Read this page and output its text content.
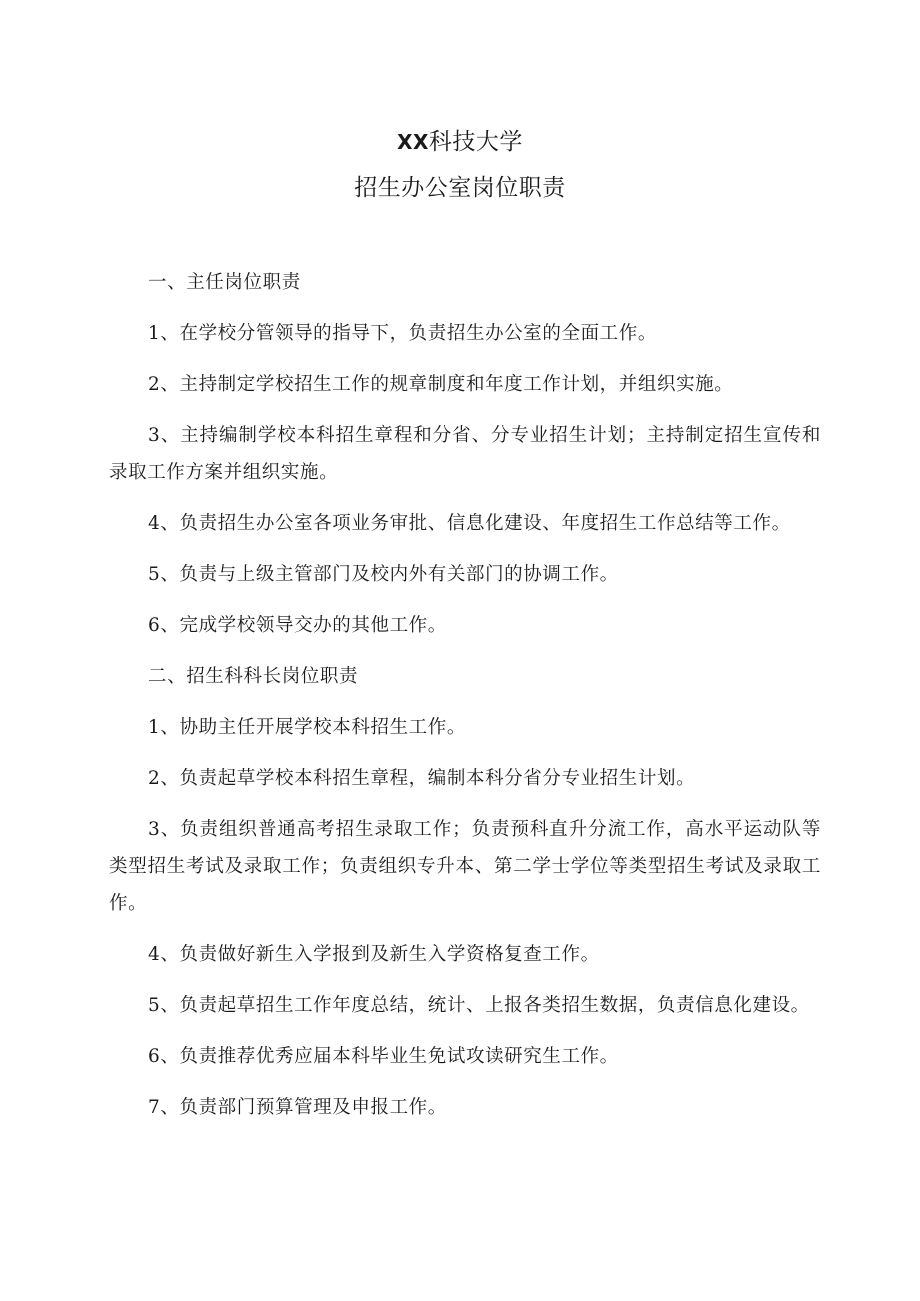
XX科技大学
招生办公室岗位职责

一、主任岗位职责

1、在学校分管领导的指导下，负责招生办公室的全面工作。

2、主持制定学校招生工作的规章制度和年度工作计划，并组织实施。

3、主持编制学校本科招生章程和分省、分专业招生计划；主持制定招生宣传和录取工作方案并组织实施。

4、负责招生办公室各项业务审批、信息化建设、年度招生工作总结等工作。

5、负责与上级主管部门及校内外有关部门的协调工作。

6、完成学校领导交办的其他工作。

二、招生科科长岗位职责

1、协助主任开展学校本科招生工作。

2、负责起草学校本科招生章程，编制本科分省分专业招生计划。

3、负责组织普通高考招生录取工作；负责预科直升分流工作，高水平运动队等类型招生考试及录取工作；负责组织专升本、第二学士学位等类型招生考试及录取工作。

4、负责做好新生入学报到及新生入学资格复查工作。

5、负责起草招生工作年度总结，统计、上报各类招生数据，负责信息化建设。

6、负责推荐优秀应届本科毕业生免试攻读研究生工作。

7、负责部门预算管理及申报工作。
